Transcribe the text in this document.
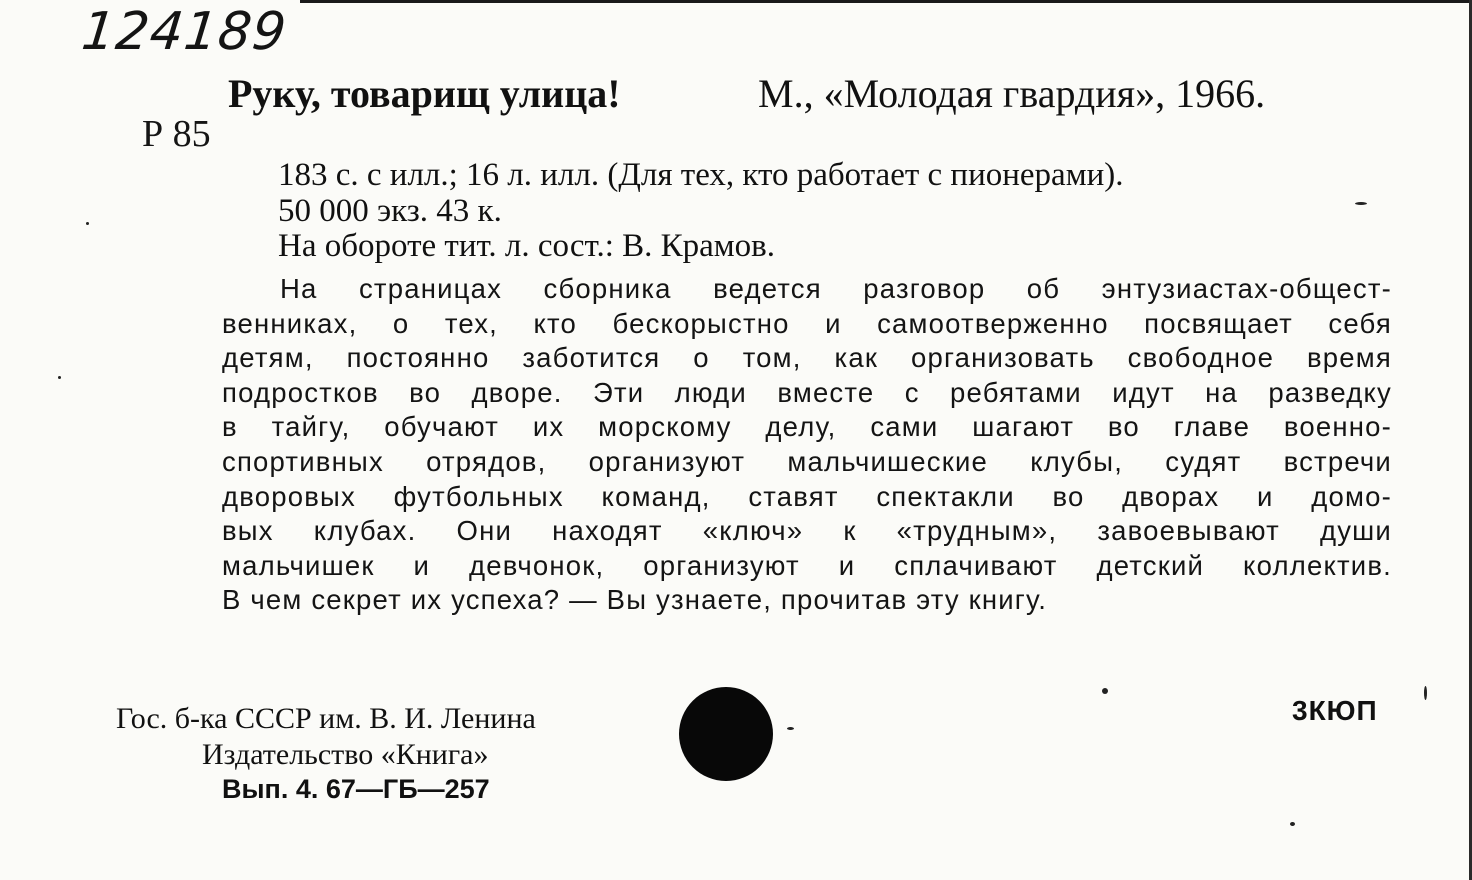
124189
Р 85
Руку, товарищ улица!	М., «Молодая гвардия», 1966.
183 с. с илл.; 16 л. илл. (Для тех, кто работает с пионерами).
50 000 экз. 43 к.
На обороте тит. л. сост.: В. Крамов.
На страницах сборника ведется разговор об энтузиастах-общест-
венниках, о тех, кто бескорыстно и самоотверженно посвящает себя
детям, постоянно заботится о том, как организовать свободное время
подростков во дворе. Эти люди вместе с ребятами идут на разведку
в тайгу, обучают их морскому делу, сами шагают во главе военно-
спортивных отрядов, организуют мальчишеские клубы, судят встречи
дворовых футбольных команд, ставят спектакли во дворах и домо-
вых клубах. Они находят «ключ» к «трудным», завоевывают души
мальчишек и девчонок, организуют и сплачивают детский коллектив.
В чем секрет их успеха? — Вы узнаете, прочитав эту книгу.
Гос. б-ка СССР им. В. И. Ленина
Издательство «Книга»
Вып. 4. 67—ГБ—257
3КЮП
